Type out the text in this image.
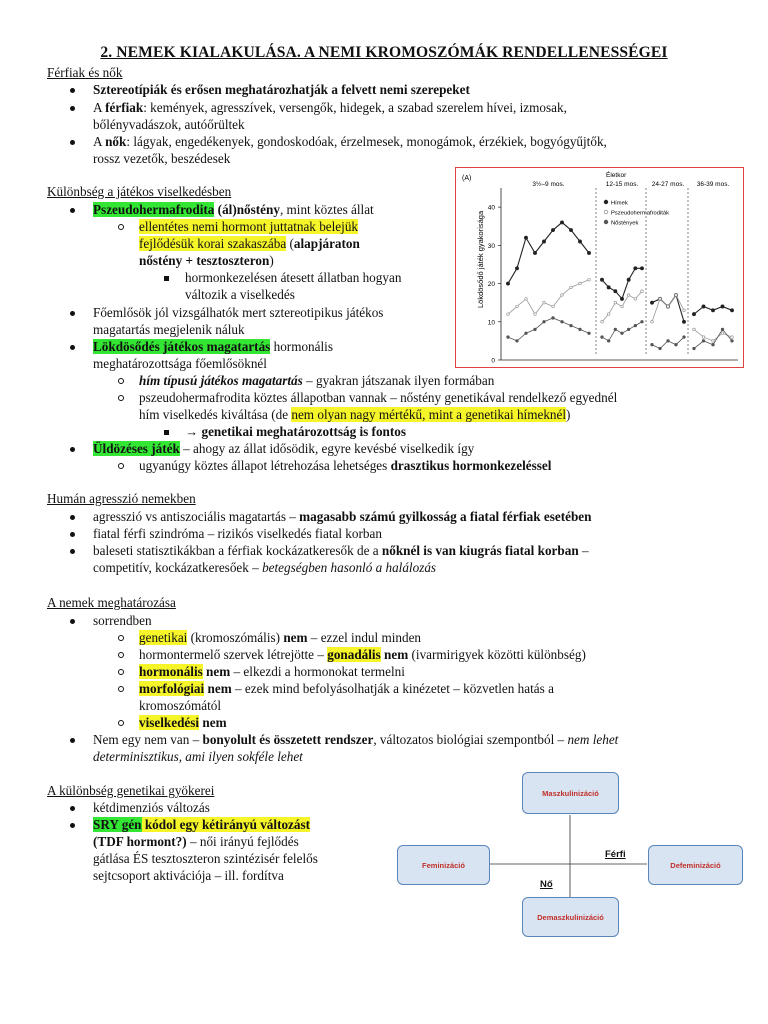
2. NEMEK KIALAKULÁSA. A NEMI KROMOSZÓMÁK RENDELLENESSÉGEI
Férfiak és nők
Sztereotípiák és erősen meghatározhatják a felvett nemi szerepeket
A férfiak: kemények, agresszívek, versengők, hidegek, a szabad szerelem hívei, izmosak,
bőlényvadászok, autóőrültek
A nők: lágyak, engedékenyek, gondoskodóak, érzelmesek, monogámok, érzékiek, bogyógyűjtők,
rossz vezetők, beszédesek
Különbség a játékos viselkedésben
Pszeudohermafrodita (ál)nőstény, mint köztes állat
ellentétes nemi hormont juttatnak belejük
fejlődésük korai szakaszába (alapjáraton
nőstény + tesztoszteron)
hormonkezelésen átesett állatban hogyan
változik a viselkedés
Főemlősök jól vizsgálhatók mert sztereotipikus játékos
magatartás megjelenik náluk
Lökdösődés játékos magatartás hormonális
meghatározottsága főemlősöknél
hím típusú játékos magatartás – gyakran játszanak ilyen formában
pszeudohermafrodita köztes állapotban vannak – nőstény genetikával rendelkező egyednél
hím viselkedés kiváltása (de nem olyan nagy mértékű, mint a genetikai hímeknél)
→ genetikai meghatározottság is fontos
Üldözéses játék – ahogy az állat idősödik, egyre kevésbé viselkedik így
ugyanúgy köztes állapot létrehozása lehetséges drasztikus hormonkezeléssel
Humán agresszió nemekben
agresszió vs antiszociális magatartás – magasabb számú gyilkosság a fiatal férfiak esetében
fiatal férfi szindróma – rizikós viselkedés fiatal korban
baleseti statisztikákban a férfiak kockázatkeresők de a nőknél is van kiugrás fiatal korban –
competitív, kockázatkeresőek – betegségben hasonló a halálozás
A nemek meghatározása
sorrendben
genetikai (kromoszómális) nem – ezzel indul minden
hormontermelő szervek létrejötte – gonadális nem (ivarmirigyek közötti különbség)
hormonális nem – elkezdi a hormonokat termelni
morfológiai nem – ezek mind befolyásolhatják a kinézetet – közvetlen hatás a
kromoszómától
viselkedési nem
Nem egy nem van – bonyolult és összetett rendszer, változatos biológiai szempontból – nem lehet
determinisztikus, ami ilyen sokféle lehet
A különbség genetikai gyökerei
kétdimenziós változás
SRY gén kódol egy kétirányú változást
(TDF hormont?) – női irányú fejlődés
gátlása ÉS tesztoszteron szintézisér felelős
sejtcsoport aktivációja – ill. fordítva
(A)	Életkor
Lökdösődő játék gyakorisága
0
10
20
30
40
3½–9 mos.	12-15 mos. 24-27 mos. 36-39 mos.
Hímek
Pszeudohermafroditák
Nőstények
Maszkulinizáció
Feminizáció	Defeminizáció
Demaszkulinizáció
Férfi
Nő
